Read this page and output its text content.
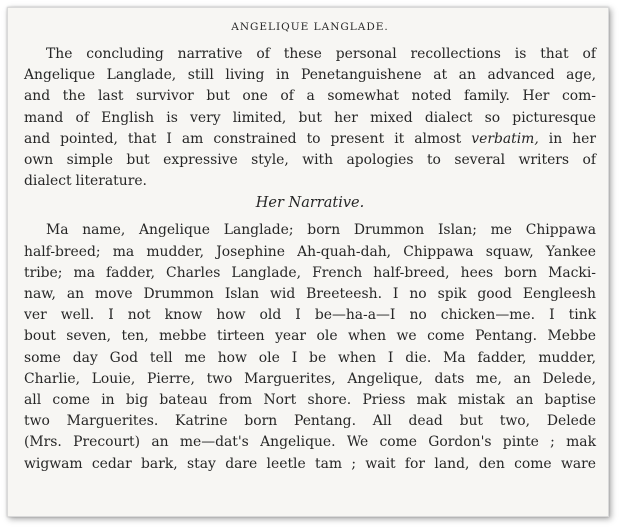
ANGELIQUE LANGLADE.

The concluding narrative of these personal recollections is that of
Angelique Langlade, still living in Penetanguishene at an advanced age,
and the last survivor but one of a somewhat noted family. Her com-
mand of English is very limited, but her mixed dialect so picturesque
and pointed, that I am constrained to present it almost verbatim, in her
own simple but expressive style, with apologies to several writers of
dialect literature.

Her Narrative.

Ma name, Angelique Langlade; born Drummon Islan; me Chippawa
half-breed; ma mudder, Josephine Ah-quah-dah, Chippawa squaw, Yankee
tribe; ma fadder, Charles Langlade, French half-breed, hees born Macki-
naw, an move Drummon Islan wid Breeteesh. I no spik good Eengleesh
ver well. I not know how old I be—ha-a—I no chicken—me. I tink
bout seven, ten, mebbe tirteen year ole when we come Pentang. Mebbe
some day God tell me how ole I be when I die. Ma fadder, mudder,
Charlie, Louie, Pierre, two Marguerites, Angelique, dats me, an Delede,
all come in big bateau from Nort shore. Priess mak mistak an baptise
two Marguerites. Katrine born Pentang. All dead but two, Delede
(Mrs. Precourt) an me—dat's Angelique. We come Gordon's pinte ; mak
wigwam cedar bark, stay dare leetle tam ; wait for land, den come ware
